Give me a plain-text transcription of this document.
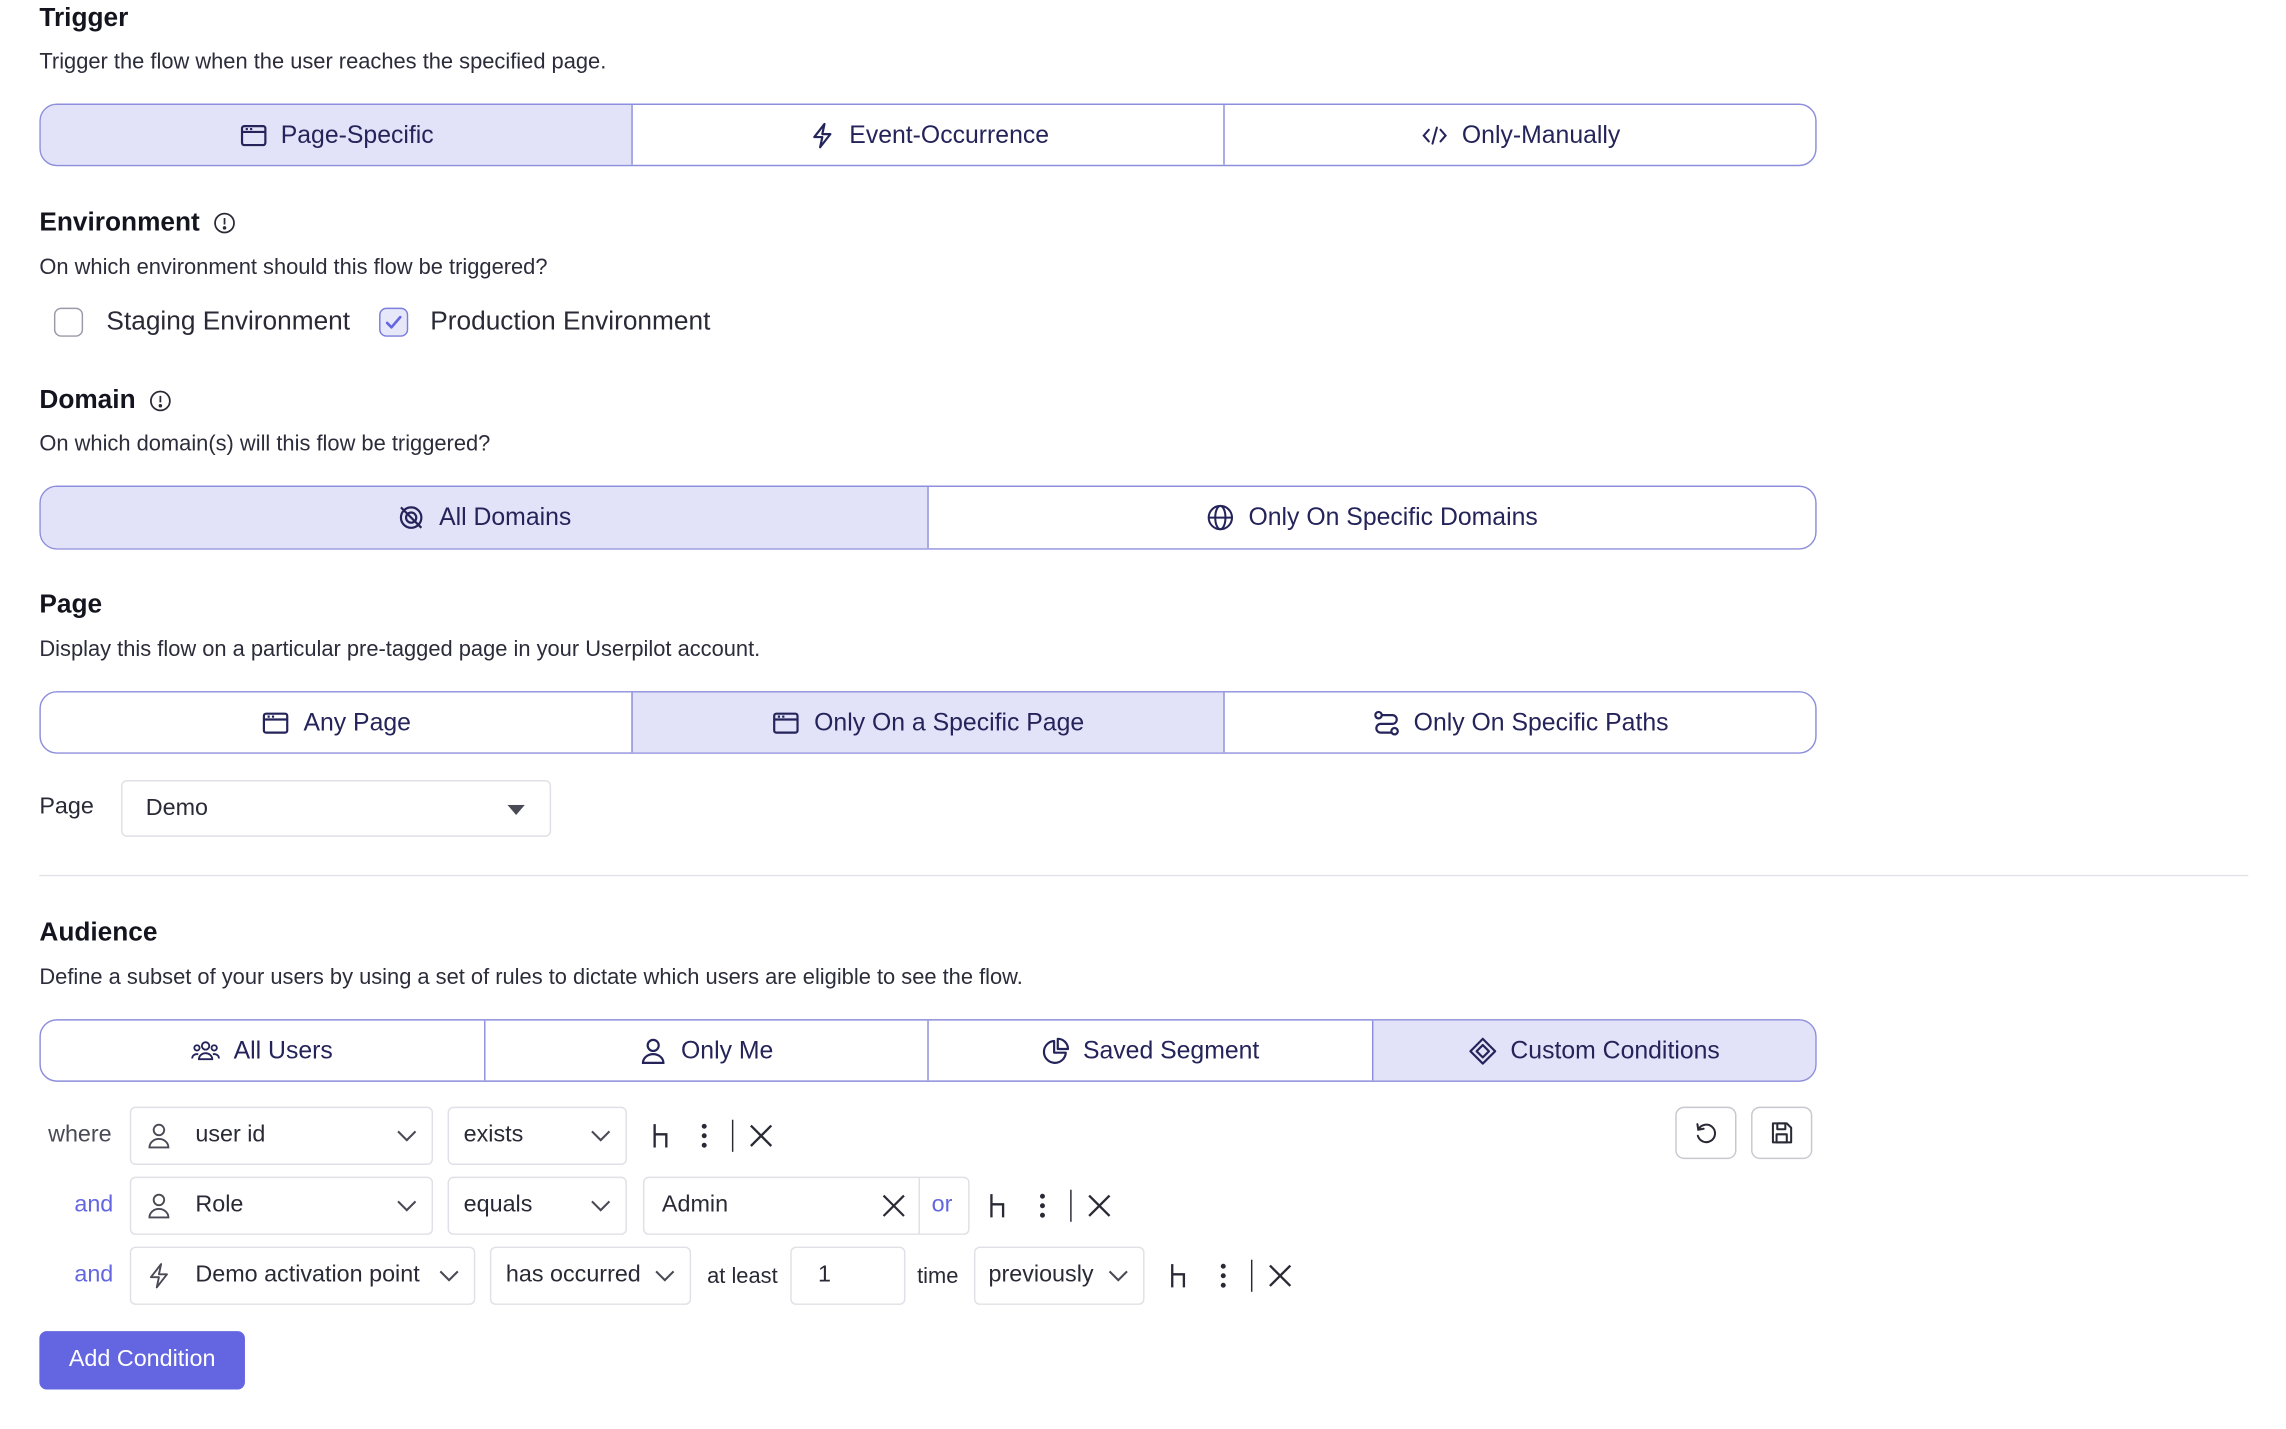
Trigger
Trigger the flow when the user reaches the specified page.
Page-Specific	Event-Occurrence	Only-Manually
Environment
On which environment should this flow be triggered?
Staging Environment	Production Environment
Domain
On which domain(s) will this flow be triggered?
All Domains	Only On Specific Domains
Page
Display this flow on a particular pre-tagged page in your Userpilot account.
Any Page	Only On a Specific Page	Only On Specific Paths
Page	Demo
Audience
Define a subset of your users by using a set of rules to dictate which users are eligible to see the flow.
All Users	Only Me	Saved Segment	Custom Conditions
where	user id	exists
and	Role	equals	Admin	or
and	Demo activation point	has occurred	at least	1	time previously
Add Condition
